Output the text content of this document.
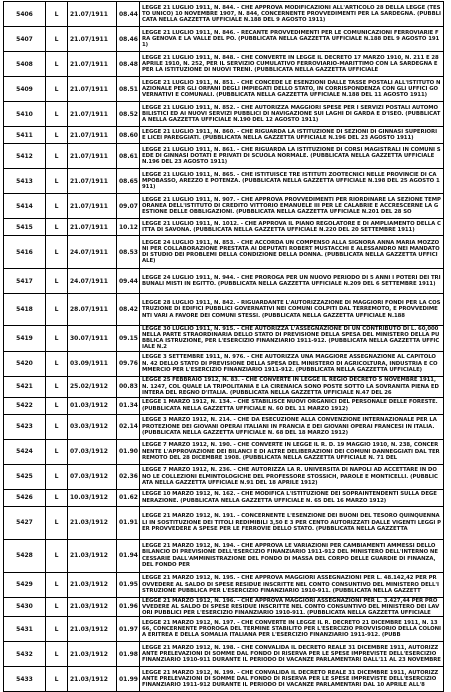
5406	L	21.07/1911	08.44	LEGGE 21 LUGLIO 1911, N. 844. - CHE APPROVA MODIFICAZIONI ALL'ARTICOLO 28 DELLA LEGGE (TESTO UNICO) 10 NOVEMBRE 1907, N. 844, CONCERNENTE PROVVEDIMENTI PER LA SARDEGNA. (PUBBLICATA NELLA GAZZETTA UFFICIALE N.188 DEL 9 AGOSTO 1911)
5407	L	21.07/1911	08.46	LEGGE 21 LUGLIO 1911, N. 846. - RECANTE PROVVEDIMENTI PER LE COMUNICAZIONI FERROVIARIE FRA GENOVA E LA VALLE DEL PO. (PUBBLICATA NELLA GAZZETTA UFFICIALE N.188 DEL 9 AGOSTO 1911)
5408	L	21.07/1911	08.48	LEGGE 21 LUGLIO 1911, N. 848. - CHE CONVERTE IN LEGGE IL DECRETO 17 MARZO 1910, N. 211 E 28 APRILE 1910, N. 252, PER IL SERVIZIO CUMULATIVO FERROVIARIO-MARITTIMO CON LA SARDEGNA E PER LA ISTITUZIONE DI NUOVI TRENI. (PUBBLICATA NELLA GAZZETTA UFFICIALE
5409	L	21.07/1911	08.51	LEGGE 21 LUGLIO 1911, N. 851. - CHE CONCEDE LE ESENZIONI DALLE TASSE POSTALI ALL'ISTITUTO NAZIONALE PER GLI ORFANI DEGLI IMPIEGATI DELLO STATO, IN CORRISPONDENZA CON GLI UFFICI GOVERNATIVI E COMUNALI. (PUBBLICATA NELLA GAZZETTA UFFICIALE N.188 DEL 11 AGOSTO 1911)
5410	L	21.07/1911	08.52	LEGGE 21 LUGLIO 1911, N. 852. - CHE AUTORIZZA MAGGIORI SPESE PER I SERVIZI POSTALI AUTOMOBILISTICI ED AI NUOVI SERVIZI PUBBLICI DI NAVIGAZIONE SUI LAGHI DI GARDA E D'ISEO. (PUBBLICATA NELLA GAZZETTA UFFICIALE N.190 DEL 12 AGOSTO 1911)
5411	L	21.07/1911	08.60	LEGGE 21 LUGLIO 1911, N. 860. - CHE RIGUARDA LA ISTITUZIONE DI SEZIONI DI GINNASI SUPERIORI E LICEI PAREGGIATI. (PUBBLICATA NELLA GAZZETTA UFFICIALE N.196 DEL 23 AGOSTO 1911)
5412	L	21.07/1911	08.61	LEGGE 21 LUGLIO 1911, N. 861. - CHE RIGUARDA LA ISTITUZIONE DI CORSI MAGISTRALI IN COMUNI SEDE DI GINNASI DOTATI E PRIVATI DI SCUOLA NORMALE. (PUBBLICATA NELLA GAZZETTA UFFICIALE N.196 DEL 23 AGOSTO 1911)
5413	L	21.07/1911	08.65	LEGGE 21 LUGLIO 1911, N. 865. - CHE ISTITUISCE TRE ISTITUTI ZOOTECNICI NELLE PROVINCIE DI CAMPOBASSO, AREZZO E POTENZA. (PUBBLICATA NELLA GAZZETTA UFFICIALE N.198 DEL 25 AGOSTO 1911)
5414	L	21.07/1911	09.07	LEGGE 21 LUGLIO 1911, N. 907. - CHE APPROVA PROVVEDIMENTI PER RIORDINARE LA SEZIONE TEMPORANEA DELL'ISTITUTO DI CREDITO VITTORIO EMANUELE III PER LE CALABRIE E ACCRESCERNE LA GESTIONE DELLE OBBLIGAZIONI. (PUBBLICATA NELLA GAZZETTA UFFICIALE N.201 DEL 28 SO
5415	L	21.07/1911	10.12	LEGGE 21 LUGLIO 1911, N. 1012. - CHE APPROVA IL PIANO REGOLATORE E DI AMPLIAMENTO DELLA CITTA DI SAVONA. (PUBBLICATA NELLA GAZZETTA UFFICIALE N.220 DEL 20 SETTEMBRE 1911)
5416	L	24.07/1911	08.53	LEGGE 24 LUGLIO 1911, N. 853. - CHE ACCORDA UN COMPENSO ALLA SIGNORA ANNA MARIA MOZZONI PER COLLABORAZIONE PRESTATA AI DEPUTATI ROBERT MUSTACCHI E ALESSANDRO NEI MANDATO DI STUDIO DEI PROBLEMI DELLA CONDIZIONE DELLA DONNA. (PUBBLICATA NELLA GAZZETTA UFFICIALE)
5417	L	24.07/1911	09.44	LEGGE 24 LUGLIO 1911, N. 944. - CHE PROROGA PER UN NUOVO PERIODO DI 5 ANNI I POTERI DEI TRIBUNALI MISTI IN EGITTO. (PUBBLICATA NELLA GAZZETTA UFFICIALE N.209 DEL 6 SETTEMBRE 1911)
5418	L	28.07/1911	08.42	LEGGE 28 LUGLIO 1911, N. 842. - RIGUARDANTE L'AUTORIZZAZIONE DI MAGGIORI FONDI PER LA COSTRUZIONE DI EDIFICI PUBBLICI GOVERNATIVI NEI COMUNI COLPITI DAL TERREMOTO, E PROVVEDIMENTI VARI A FAVORE DEI COMUNI STESSI. (PUBBLICATA NELLA GAZZETTA UFFICIALE N.188
5419	L	30.07/1911	09.15	LEGGE 30 LUGLIO 1911, N. 915. - CHE AUTORIZZA L'ASSEGNAZIONE DI UN CONTRIBUTO DI L. 60,000 NELLA PARTE STRAORDINARIA DELLO STATO DI PREVISIONE DELLA SPESA DEL MINISTERO DELLA PUBBLICA ISTRUZIONE, PER L'ESERCIZIO FINANZIARIO 1911-912. (PUBBLICATA NELLA GAZZETTA UFFICIALE N.2
5420	L	03.09/1911	09.76	LEGGE 3 SETTEMBRE 1911, N. 976. - CHE AUTORIZZA UNA MAGGIORE ASSEGNAZIONE AL CAPITOLO N. 42 DELLO STATO DI PREVISIONE DELLA SPESA DEL MINISTERO DI AGRICOLTURA, INDUSTRIA E COMMERCIO PER L'ESERCIZIO FINANZIARIO 1911-912. (PUBBLICATA NELLA GAZZETTA UFFICIALE)
5421	L	25.02/1912	00.83	LEGGE 25 FEBBRAIO 1912, N. 83. - CHE CONVERTE IN LEGGE IL REGIO DECRETO 5 NOVEMBRE 1911, N. 1247, COL QUALE LA TRIPOLITANIA E LA CIRENAICA SONO POSTE SOTTO LA SOVRANITA PIENA ED INTERA DEL REGNO D'ITALIA. (PUBBLICATA NELLA GAZZETTA UFFICIALE N.47 DEL 26
5422	L	01.03/1912	01.34	LEGGE 1 MARZO 1912, N. 134. - CHE STABILISCE NUOVI ORGANICI DEL PERSONALE DELLE FORESTE. (PUBBLICATA NELLA GAZZETTA UFFICIALE N. 60 DEL 11 MARZO 1912)
5423	L	03.03/1912	02.14	LEGGE 3 MARZO 1912, N. 214. - CHE DA ESECUZIONE ALLA CONVENZIONE INTERNAZIONALE PER LA PROTEZIONE DEI GIOVANI OPERAI ITALIANI IN FRANCIA E DEI GIOVANI OPERAI FRANCESI IN ITALIA. (PUBBLICATA NELLA GAZZETTA UFFICIALE N. 68 DEL 18 MARZO 1912)
5424	L	07.03/1912	01.90	LEGGE 7 MARZO 1912, N. 190. - CHE CONVERTE IN LEGGE IL R. D. 19 MAGGIO 1910, N. 238, CONCERNENTE L'APPROVAZIONE DEI BILANCI E DI ALTRE DELIBERAZIONI DEI COMUNI DANNEGGIATI DAL TERREMOTO DEL 28 DICEMBRE 1908. (PUBBLICATA NELLA GAZZETTA UFFICIALE N. 71 DEL
5425	L	07.03/1912	02.36	LEGGE 7 MARZO 1912, N. 236. - CHE AUTORIZZA LA R. UNIVERSITA DI NAPOLI AD ACCETTARE IN DONO LE COLLEZIONI ELMINTOLOGICHE DEL PROFESSORE STOSSICH, PAROLE E MONTICELLI. (PUBBLICATA NELLA GAZZETTA UFFICIALE N.91 DEL 18 APRILE 1912)
5426	L	10.03/1912	01.62	LEGGE 10 MARZO 1912, N. 162. - CHE MODIFICA L'ISTITUZIONE DEI SOPRAINTENDENTI SULLA DEGENERAZIONE. (PUBBLICATA NELLA GAZZETTA UFFICIALE N. 65 DEL 16 MARZO 1912)
5427	L	21.03/1912	01.91	LEGGE 21 MARZO 1912, N. 191. - CONCERNENTE L'ESENZIONE DEI BUONI DEL TESORO QUINQUENNALI IN SOSTITUZIONE DEI TITOLI REDIMIBILI 3,50 E 3 PER CENTO AUTORIZZATI DALLE VIGENTI LEGGI PER PROVVEDERE A SPESE PER LE FERROVIE DELLO STATO. (PUBBLICATA NELLA GAZZETTA
5428	L	21.03/1912	01.94	LEGGE 21 MARZO 1912, N. 194. - CHE APPROVA LE VARIAZIONI PER CAMBIAMENTI AMMESSI DELLO BILANCIO DI PREVISIONE DELL'ESERCIZIO FINANZIARIO 1911-912 DEL MINISTERO DELL'INTERNO NECESSARIE DALL'AMMINISTRAZIONE DEL FONDO DI MASSA DEL CORPO DELLE GUARDIE DI FINANZA, DEL FONDO PER
5429	L	21.03/1912	01.95	LEGGE 21 MARZO 1912, N. 195. - CHE APPROVA MAGGIORI ASSEGNAZIONI PER L. 48.142,42 PER PROVVEDERE AL SALDO DI SPESE RESIDUE INSCRITTE NEL CONTO CONSUNTIVO DEL MINISTERO DELL'ISTRUZIONE PUBBLICA PER L'ESERCIZIO FINANZIARIO 1910-911. (PUBBLICATA NELLA GAZZETT
5430	L	21.03/1912	01.96	LEGGE 21 MARZO 1912, N. 196. - CHE APPROVA MAGGIORI ASSEGNAZIONI PER L. 3.427,44 PER PROVVEDERE AL SALDO DI SPESE RESIDUE INSCRITTE NEL CONTO CONSUNTIVO DEL MINISTERO DEI LAVORI PUBBLICI PER L'ESERCIZIO FINANZIARIO 1910-911. (PUBBLICATA NELLA GAZZETTA UFFICIALE
5431	L	21.03/1912	01.97	LEGGE 21 MARZO 1912, N. 197. - CHE CONVERTE IN LEGGE IL R. DECRETO 21 DICEMBRE 1911, N. 1366, CONCERNENTE PROROGA DEL TERMINE STABILITO PER L'ESERCIZIO PROVVISORIO DELLA COLONIA ERITREA E DELLA SOMALIA ITALIANA PER L'ESERCIZIO FINANZIARIO 1911-912. (PUBB
5432	L	21.03/1912	01.98	LEGGE 21 MARZO 1912, N. 198. - CHE CONVALIDA IL DECRETO REALE 31 DICEMBRE 1911, AUTORIZZANTE PRELEVAZIONI DI SOMME DAL FONDO DI RISERVA PER LE SPESE IMPREVISTE DELL'ESERCIZIO FINANZIARIO 1910-911 DURANTE IL PERIODO DI VACANZE PARLAMENTARI DALL'11 AL 23 NOVEMBRE
5433	L	21.03/1912	01.99	LEGGE 21 MARZO 1912, N. 199. - CHE CONVALIDA IL DECRETO REALE 31 DICEMBRE 1911, AUTORIZZANTE PRELEVAZIONI DI SOMME DAL FONDO DI RISERVA PER LE SPESE IMPREVISTE DELL'ESERCIZIO FINANZIARIO 1911-912 DURANTE IL PERIODO DI VACANZE PARLAMENTARI DAL 10 APRILE ALL'8
